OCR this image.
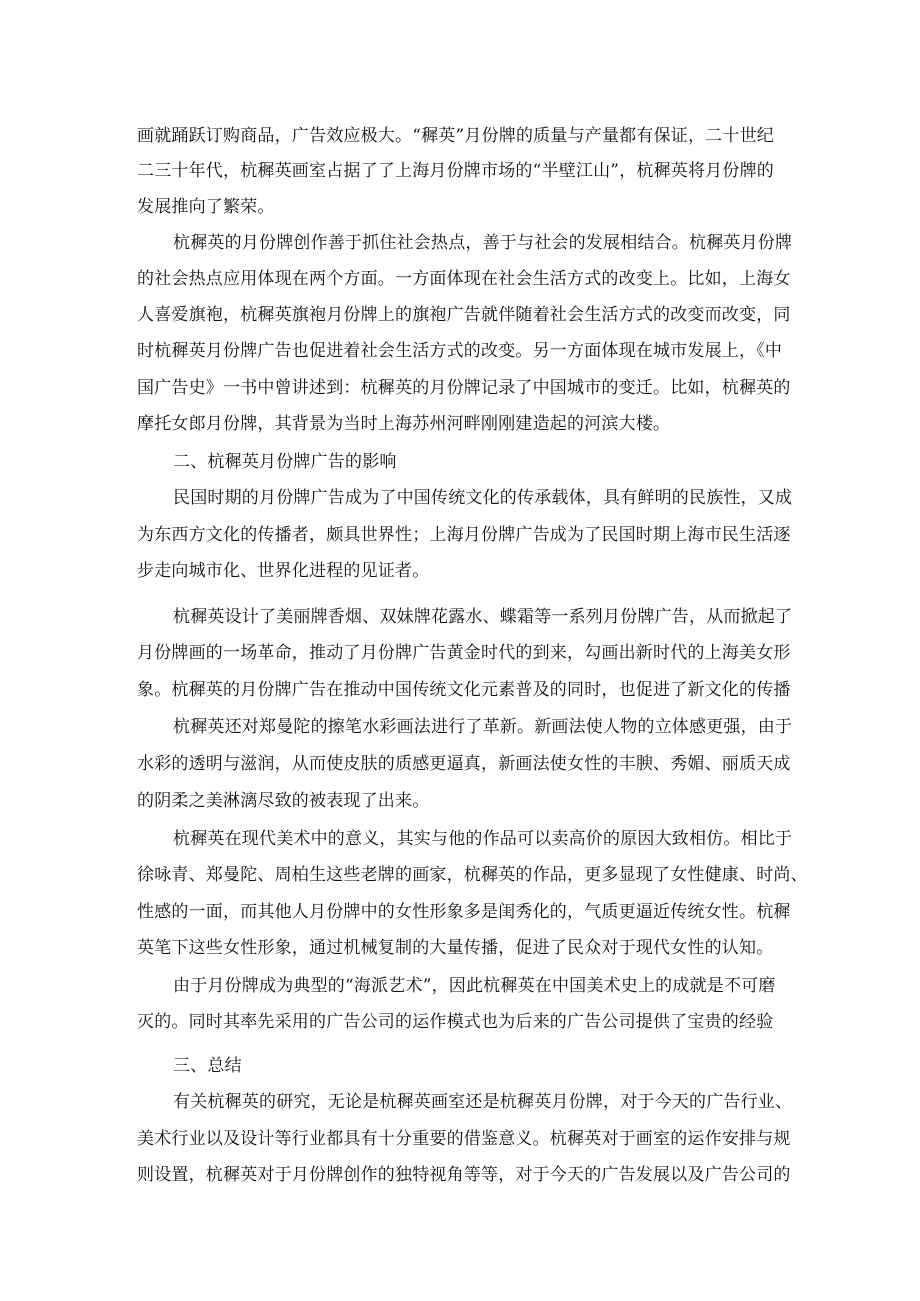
画就踊跃订购商品，广告效应极大。“穉英”月份牌的质量与产量都有保证，二十世纪
二三十年代，杭穉英画室占据了了上海月份牌市场的“半壁江山”，杭穉英将月份牌的
发展推向了繁荣。
杭穉英的月份牌创作善于抓住社会热点，善于与社会的发展相结合。杭穉英月份牌
的社会热点应用体现在两个方面。一方面体现在社会生活方式的改变上。比如，上海女
人喜爱旗袍，杭穉英旗袍月份牌上的旗袍广告就伴随着社会生活方式的改变而改变，同
时杭穉英月份牌广告也促进着社会生活方式的改变。另一方面体现在城市发展上，《中
国广告史》一书中曾讲述到：杭穉英的月份牌记录了中国城市的变迁。比如，杭穉英的
摩托女郎月份牌，其背景为当时上海苏州河畔刚刚建造起的河滨大楼。
二、杭穉英月份牌广告的影响
民国时期的月份牌广告成为了中国传统文化的传承载体，具有鲜明的民族性，又成
为东西方文化的传播者，颇具世界性；上海月份牌广告成为了民国时期上海市民生活逐
步走向城市化、世界化进程的见证者。
杭穉英设计了美丽牌香烟、双妹牌花露水、蝶霜等一系列月份牌广告，从而掀起了
月份牌画的一场革命，推动了月份牌广告黄金时代的到来，勾画出新时代的上海美女形
象。杭穉英的月份牌广告在推动中国传统文化元素普及的同时，也促进了新文化的传播
杭穉英还对郑曼陀的擦笔水彩画法进行了革新。新画法使人物的立体感更强，由于
水彩的透明与滋润，从而使皮肤的质感更逼真，新画法使女性的丰腴、秀媚、丽质天成
的阴柔之美淋漓尽致的被表现了出来。
杭穉英在现代美术中的意义，其实与他的作品可以卖高价的原因大致相仿。相比于
徐咏青、郑曼陀、周柏生这些老牌的画家，杭穉英的作品，更多显现了女性健康、时尚、
性感的一面，而其他人月份牌中的女性形象多是闺秀化的，气质更逼近传统女性。杭穉
英笔下这些女性形象，通过机械复制的大量传播，促进了民众对于现代女性的认知。
由于月份牌成为典型的“海派艺术”，因此杭穉英在中国美术史上的成就是不可磨
灭的。同时其率先采用的广告公司的运作模式也为后来的广告公司提供了宝贵的经验
三、总结
有关杭穉英的研究，无论是杭穉英画室还是杭穉英月份牌，对于今天的广告行业、
美术行业以及设计等行业都具有十分重要的借鉴意义。杭穉英对于画室的运作安排与规
则设置，杭穉英对于月份牌创作的独特视角等等，对于今天的广告发展以及广告公司的
